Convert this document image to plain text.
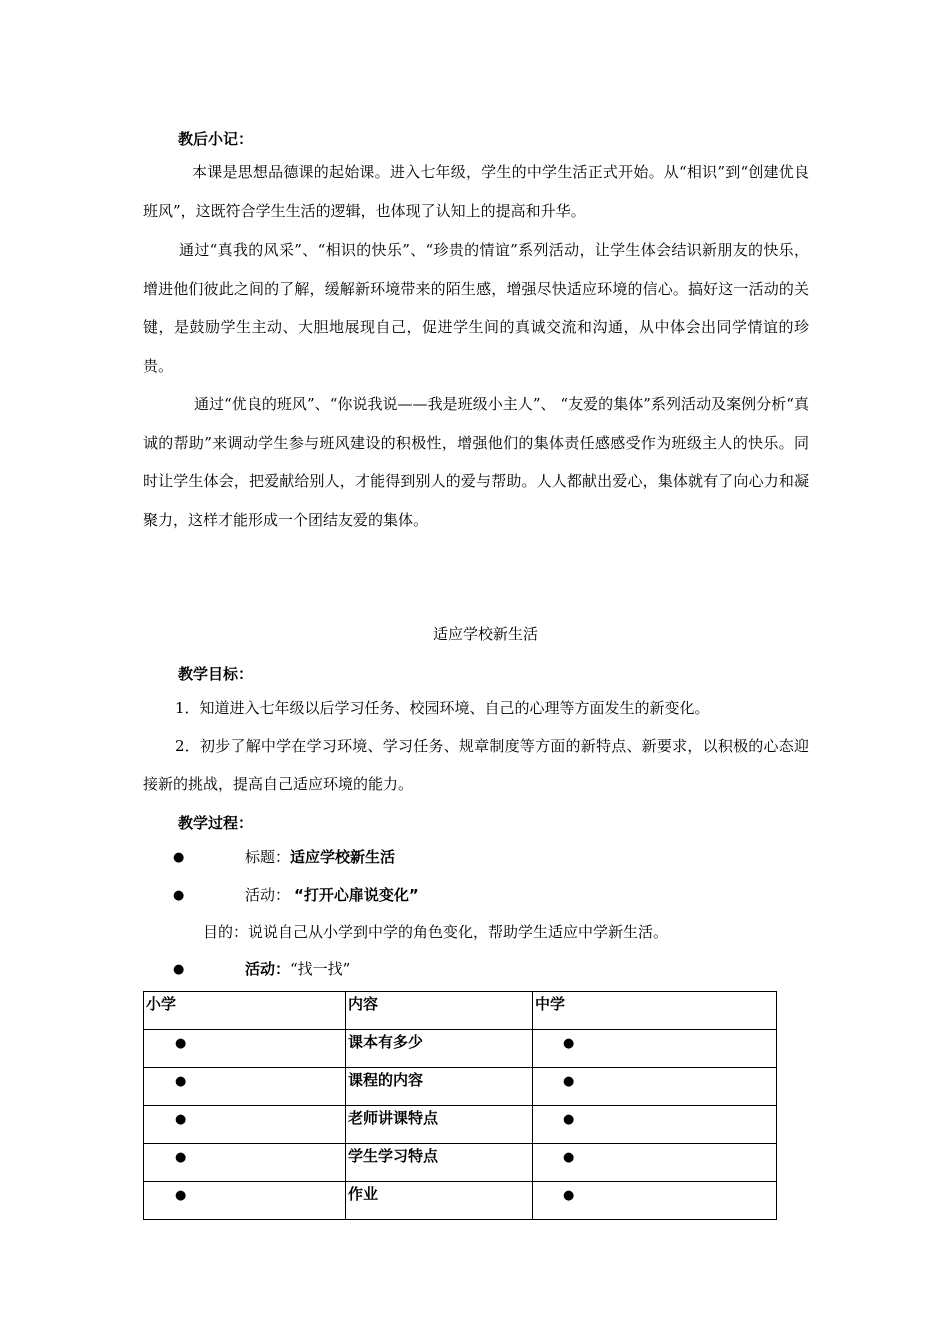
教后小记：
本课是思想品德课的起始课。进入七年级，学生的中学生活正式开始。从“相识”到“创建优良班风”，这既符合学生生活的逻辑，也体现了认知上的提高和升华。
通过“真我的风采”、“相识的快乐”、“珍贵的情谊”系列活动，让学生体会结识新朋友的快乐，增进他们彼此之间的了解，缓解新环境带来的陌生感，增强尽快适应环境的信心。搞好这一活动的关键，是鼓励学生主动、大胆地展现自己，促进学生间的真诚交流和沟通，从中体会出同学情谊的珍贵。
通过“优良的班风”、“你说我说——我是班级小主人”、 “友爱的集体”系列活动及案例分析“真诚的帮助”来调动学生参与班风建设的积极性，增强他们的集体责任感感受作为班级主人的快乐。同时让学生体会，把爱献给别人，才能得到别人的爱与帮助。人人都献出爱心，集体就有了向心力和凝聚力，这样才能形成一个团结友爱的集体。
适应学校新生活
教学目标：
1．知道进入七年级以后学习任务、校园环境、自己的心理等方面发生的新变化。
2．初步了解中学在学习环境、学习任务、规章制度等方面的新特点、新要求，以积极的心态迎接新的挑战，提高自己适应环境的能力。
教学过程：
●	标题：适应学校新生活
●	活动： “打开心扉说变化”
目的：说说自己从小学到中学的角色变化，帮助学生适应中学新生活。
●	活动：“找一找”
小学	内容	中学
●	课本有多少	●
●	课程的内容	●
●	老师讲课特点	●
●	学生学习特点	●
●	作业	●
